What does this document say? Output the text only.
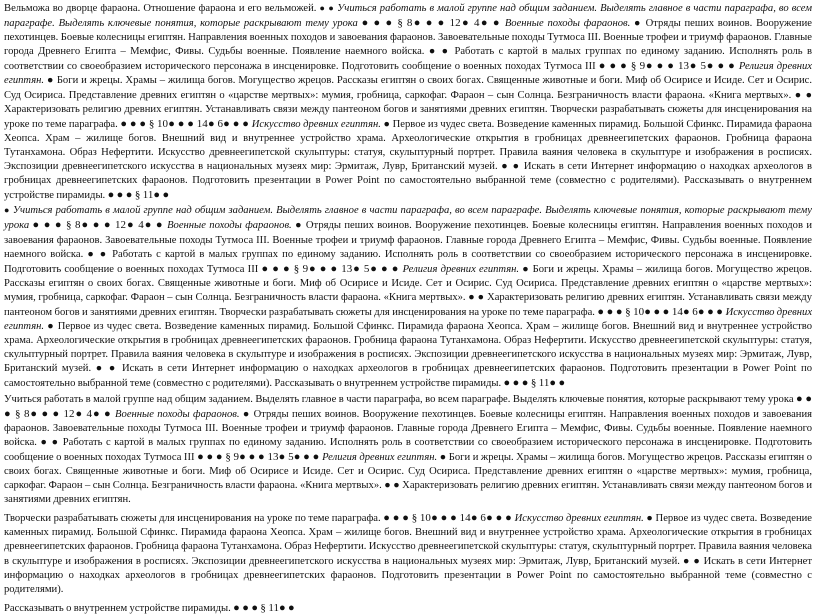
Вельможа во дворце фараона. Отношение фараона и его вельможей. ● ● Учиться работать в малой группе над общим заданием. Выделять главное в части параграфа, во всем параграфе. Выделять ключевые понятия, которые раскрывают тему урока ● ● ● § 8● ● ● 12● 4● ● Военные походы фараонов. ● Отряды пеших воинов. Вооружение пехотинцев. Боевые колесницы египтян. Направления военных походов и завоевания фараонов. Завоевательные походы Тутмоса III. Военные трофеи и триумф фараонов. Главные города Древнего Египта – Мемфис, Фивы. Судьбы военные. Появление наемного войска. ● ● Работать с картой в малых группах по единому заданию. Исполнять роль в соответствии со своеобразием исторического персонажа в инсценировке. Подготовить сообщение о военных походах Тутмоса III ● ● ● § 9● ● ● 13● 5● ● ● Религия древних египтян. ● Боги и жрецы. Храмы – жилища богов. Могущество жрецов. Рассказы египтян о своих богах. Священные животные и боги. Миф об Осирисе и Исиде. Сет и Осирис. Суд Осириса. Представление древних египтян о «царстве мертвых»: мумия, гробница, саркофаг. Фараон – сын Солнца. Безграничность власти фараона. «Книга мертвых». ● ● Характеризовать религию древних египтян. Устанавливать связи между пантеоном богов и занятиями древних египтян. Творчески разрабатывать сюжеты для инсценирования на уроке по теме параграфа. ● ● ● § 10● ● ● 14● 6● ● ● Искусство древних египтян. ● Первое из чудес света. Возведение каменных пирамид. Большой Сфинкс. Пирамида фараона Хеопса. Храм – жилище богов. Внешний вид и внутреннее устройство храма. Археологические открытия в гробницах древнеегипетских фараонов. Гробница фараона Тутанхамона. Образ Нефертити. Искусство древнеегипетской скульптуры: статуя, скульптурный портрет. Правила ваяния человека в скульптуре и изображения в росписях. Экспозиции древнеегипетского искусства в национальных музеях мир: Эрмитаж, Лувр, Британский музей. ● ● Искать в сети Интернет информацию о находках археологов в гробницах древнеегипетских фараонов. Подготовить презентации в Power Point по самостоятельно выбранной теме (совместно с родителями). Рассказывать о внутреннем устройстве пирамиды. ● ● ● § 11● ●

● Учиться работать в малой группе над общим заданием. Выделять главное в части параграфа, во всем параграфе. Выделять ключевые понятия, которые раскрывают тему урока ● ● ● § 8● ● ● 12● 4● ● Военные походы фараонов. ● Отряды пеших воинов. Вооружение пехотинцев. Боевые колесницы египтян. Направления военных походов и завоевания фараонов. Завоевательные походы Тутмоса III. Военные трофеи и триумф фараонов. Главные города Древнего Египта – Мемфис, Фивы. Судьбы военные. Появление наемного войска. ● ● Работать с картой в малых группах по единому заданию. Исполнять роль в соответствии со своеобразием исторического персонажа в инсценировке. Подготовить сообщение о военных походах Тутмоса III ● ● ● § 9● ● ● 13● 5● ● ● Религия древних египтян. ● Боги и жрецы. Храмы – жилища богов. Могущество жрецов. Рассказы египтян о своих богах. Священные животные и боги. Миф об Осирисе и Исиде. Сет и Осирис. Суд Осириса. Представление древних египтян о «царстве мертвых»: мумия, гробница, саркофаг. Фараон – сын Солнца. Безграничность власти фараона. «Книга мертвых». ● ● Характеризовать религию древних египтян. Устанавливать связи между пантеоном богов и занятиями древних египтян. Творчески разрабатывать сюжеты для инсценирования на уроке по теме параграфа. ● ● ● § 10● ● ● 14● 6● ● ● Искусство древних египтян. ● Первое из чудес света. Возведение каменных пирамид. Большой Сфинкс. Пирамида фараона Хеопса. Храм – жилище богов. Внешний вид и внутреннее устройство храма. Археологические открытия в гробницах древнеегипетских фараонов. Гробница фараона Тутанхамона. Образ Нефертити. Искусство древнеегипетской скульптуры: статуя, скульптурный портрет. Правила ваяния человека в скульптуре и изображения в росписях. Экспозиции древнеегипетского искусства в национальных музеях мир: Эрмитаж, Лувр, Британский музей. ● ● Искать в сети Интернет информацию о находках археологов в гробницах древнеегипетских фараонов. Подготовить презентации в Power Point по самостоятельно выбранной теме (совместно с родителями). Рассказывать о внутреннем устройстве пирамиды. ● ● ● § 11● ●

Учиться работать в малой группе над общим заданием. Выделять главное в части параграфа, во всем параграфе. Выделять ключевые понятия, которые раскрывают тему урока ● ● ● § 8● ● ● 12● 4● ● Военные походы фараонов. ● Отряды пеших воинов. Вооружение пехотинцев. Боевые колесницы египтян. Направления военных походов и завоевания фараонов. Завоевательные походы Тутмоса III. Военные трофеи и триумф фараонов. Главные города Древнего Египта – Мемфис, Фивы. Судьбы военные. Появление наемного войска. ● ● Работать с картой в малых группах по единому заданию. Исполнять роль в соответствии со своеобразием исторического персонажа в инсценировке. Подготовить сообщение о военных походах Тутмоса III ● ● ● § 9● ● ● 13● 5● ● ● Религия древних египтян. ● Боги и жрецы. Храмы – жилища богов. Могущество жрецов. Рассказы египтян о своих богах. Священные животные и боги. Миф об Осирисе и Исиде. Сет и Осирис. Суд Осириса. Представление древних египтян о «царстве мертвых»: мумия, гробница, саркофаг. Фараон – сын Солнца. Безграничность власти фараона. «Книга мертвых». ● ● Характеризовать религию древних египтян. Устанавливать связи между пантеоном богов и занятиями древних египтян.

Творчески разрабатывать сюжеты для инсценирования на уроке по теме параграфа. ● ● ● § 10● ● ● 14● 6● ● ● Искусство древних египтян. ● Первое из чудес света. Возведение каменных пирамид. Большой Сфинкс. Пирамида фараона Хеопса. Храм – жилище богов. Внешний вид и внутреннее устройство храма. Археологические открытия в гробницах древнеегипетских фараонов. Гробница фараона Тутанхамона. Образ Нефертити. Искусство древнеегипетской скульптуры: статуя, скульптурный портрет. Правила ваяния человека в скульптуре и изображения в росписях. Экспозиции древнеегипетского искусства в национальных музеях мир: Эрмитаж, Лувр, Британский музей. ● ● Искать в сети Интернет информацию о находках археологов в гробницах древнеегипетских фараонов. Подготовить презентации в Power Point по самостоятельно выбранной теме (совместно с родителями).

Рассказывать о внутреннем устройстве пирамиды. ● ● ● § 11● ●
